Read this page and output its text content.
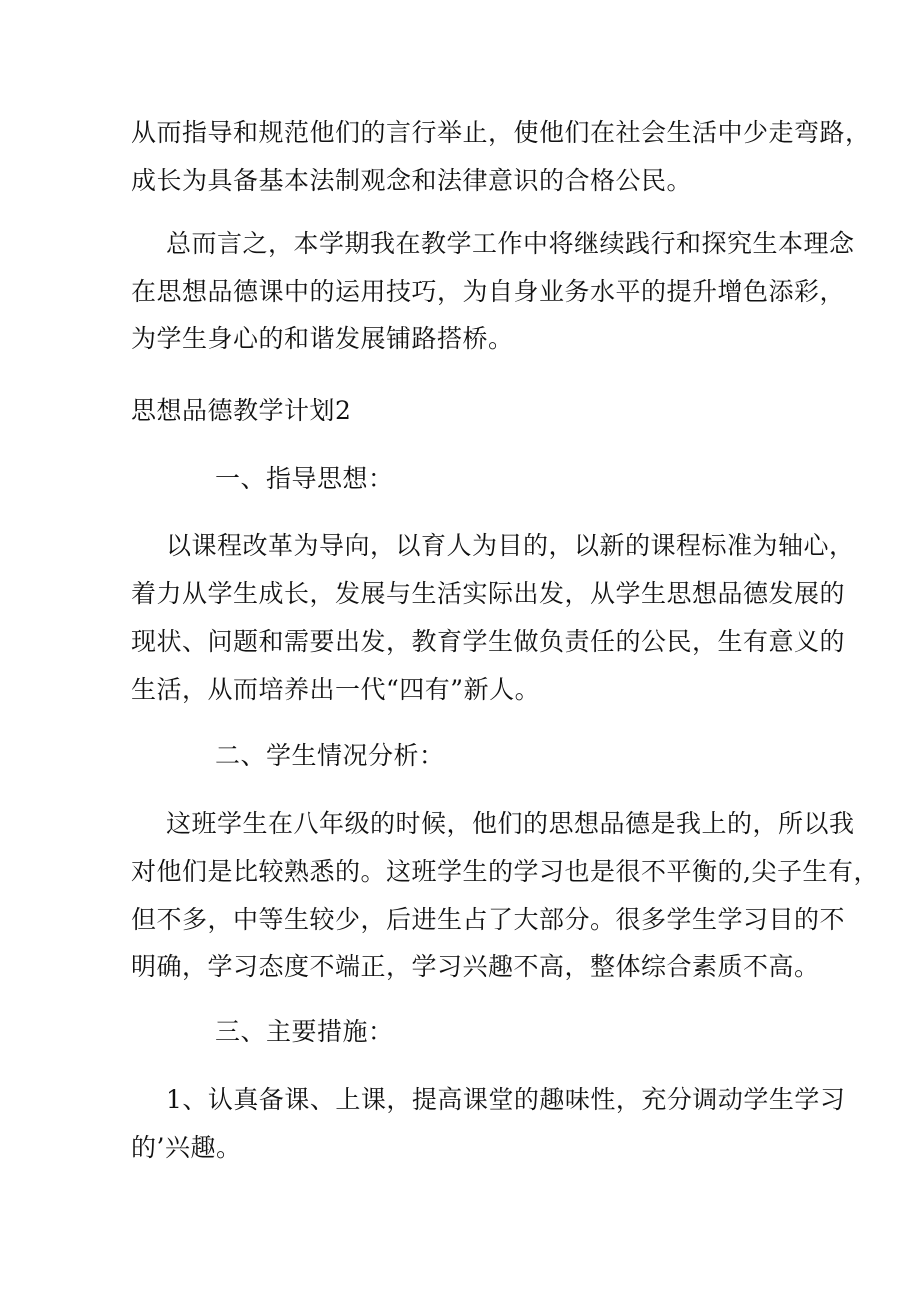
从而指导和规范他们的言行举止，使他们在社会生活中少走弯路，
成长为具备基本法制观念和法律意识的合格公民。
总而言之，本学期我在教学工作中将继续践行和探究生本理念
在思想品德课中的运用技巧，为自身业务水平的提升增色添彩，
为学生身心的和谐发展铺路搭桥。
思想品德教学计划2
一、指导思想：
以课程改革为导向，以育人为目的，以新的课程标准为轴心，
着力从学生成长，发展与生活实际出发，从学生思想品德发展的
现状、问题和需要出发，教育学生做负责任的公民，生有意义的
生活，从而培养出一代“四有”新人。
二、学生情况分析：
这班学生在八年级的时候，他们的思想品德是我上的，所以我
对他们是比较熟悉的。这班学生的学习也是很不平衡的,尖子生有，
但不多，中等生较少，后进生占了大部分。很多学生学习目的不
明确，学习态度不端正，学习兴趣不高，整体综合素质不高。
三、主要措施：
1、认真备课、上课，提高课堂的趣味性，充分调动学生学习
的’兴趣。
